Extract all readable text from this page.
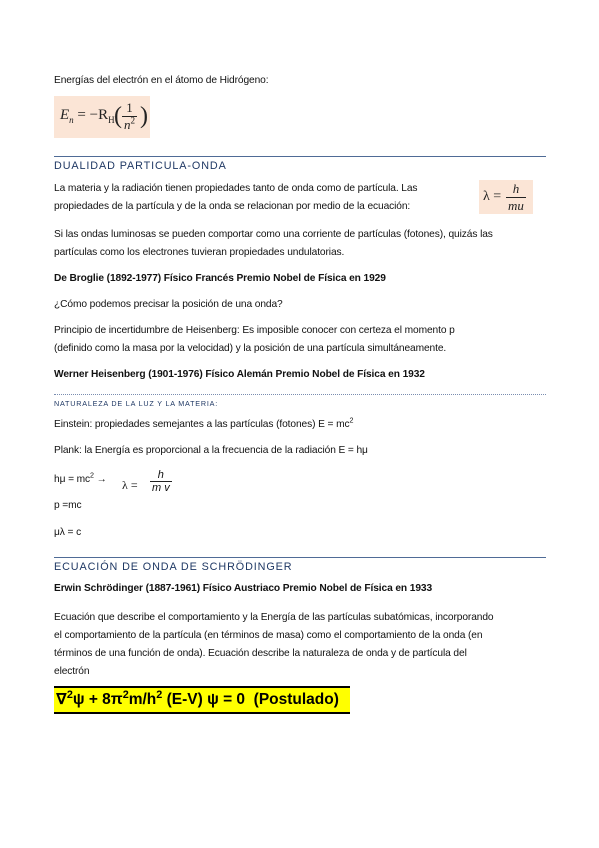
Energías del electrón en el átomo de Hidrógeno:
$E_n = -R_H$ ( $\frac{1}{n^2}$ )
DUALIDAD PARTICULA-ONDA
La materia y la radiación tienen propiedades tanto de onda como de partícula. Las
propiedades de la partícula y de la onda se relacionan por medio de la ecuación:
$\lambda = \frac{h}{mu}$
Si las ondas luminosas se pueden comportar como una corriente de partículas (fotones), quizás las
partículas como los electrones tuvieran propiedades undulatorias.
De Broglie (1892-1977) Físico Francés Premio Nobel de Física en 1929
¿Cómo podemos precisar la posición de una onda?
Principio de incertidumbre de Heisenberg: Es imposible conocer con certeza el momento p
(definido como la masa por la velocidad) y la posición de una partícula simultáneamente.
Werner Heisenberg (1901-1976) Físico Alemán Premio Nobel de Física en 1932
NATURALEZA DE LA LUZ Y LA MATERIA:
Einstein: propiedades semejantes a las partículas (fotones) $E = mc^2$
Plank: la Energía es proporcional a la frecuencia de la radiación E = hμ
$h\mu = mc^2 \to \lambda = \frac{h}{\text{m v}}$
p =mc
μλ = c
ECUACIÓN DE ONDA DE SCHRÖDINGER
Erwin Schrödinger (1887-1961) Físico Austriaco Premio Nobel de Física en 1933
Ecuación que describe el comportamiento y la Energía de las partículas subatómicas, incorporando
el comportamiento de la partícula (en términos de masa) como el comportamiento de la onda (en
términos de una función de onda). Ecuación describe la naturaleza de onda y de partícula del
electrón
$\nabla^2\psi + 8\pi^2m/h^2$ (E-V) ψ = 0  (Postulado)
